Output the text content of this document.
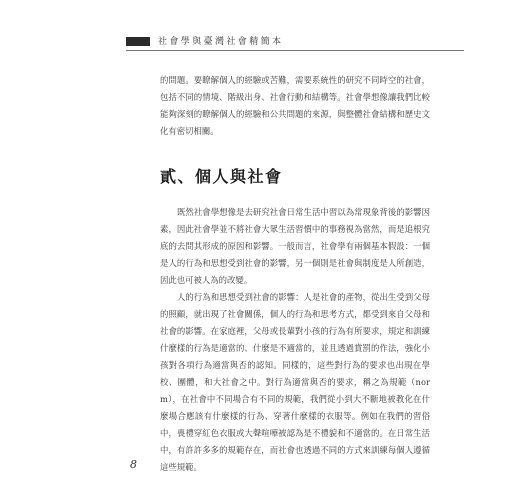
社會學與臺灣社會精簡本

的問題。要瞭解個人的經驗或苦難，需要系統性的研究不同時空的社會，包括不同的情境、階級出身、社會行動和結構等。社會學想像讓我們比較能夠深刻的瞭解個人的經驗和公共問題的來源，與整體社會結構和歷史文化有密切相關。

貳、個人與社會

既然社會學想像是去研究社會日常生活中習以為常現象背後的影響因素，因此社會學並不將社會大眾生活習慣中的事務視為當然，而是追根究底的去問其形成的原因和影響。一般而言，社會學有兩個基本假設：一個是人的行為和思想受到社會的影響，另一個則是社會與制度是人所創造，因此也可被人為的改變。

人的行為和思想受到社會的影響：人是社會的產物，從出生受到父母的照顧，就出現了社會關係，個人的行為和思考方式，都受到來自父母和社會的影響。在家庭裡，父母或長輩對小孩的行為有所要求，規定和訓練什麼樣的行為是適當的、什麼是不適當的，並且透過賞罰的作法，強化小孩對各項行為適當與否的認知。同樣的，這些對行為的要求也出現在學校、團體，和大社會之中。對行為適當與否的要求，稱之為規範（norm），在社會中不同場合有不同的規範，我們從小到大不斷地被教化在什麼場合應該有什麼樣的行為、穿著什麼樣的衣服等。例如在我們的習俗中，喪禮穿紅色衣服或大聲喧嘩被認為是不禮貌和不適當的。在日常生活中，有許許多多的規範存在，而社會也透過不同的方式來訓練每個人遵循這些規範。

8
